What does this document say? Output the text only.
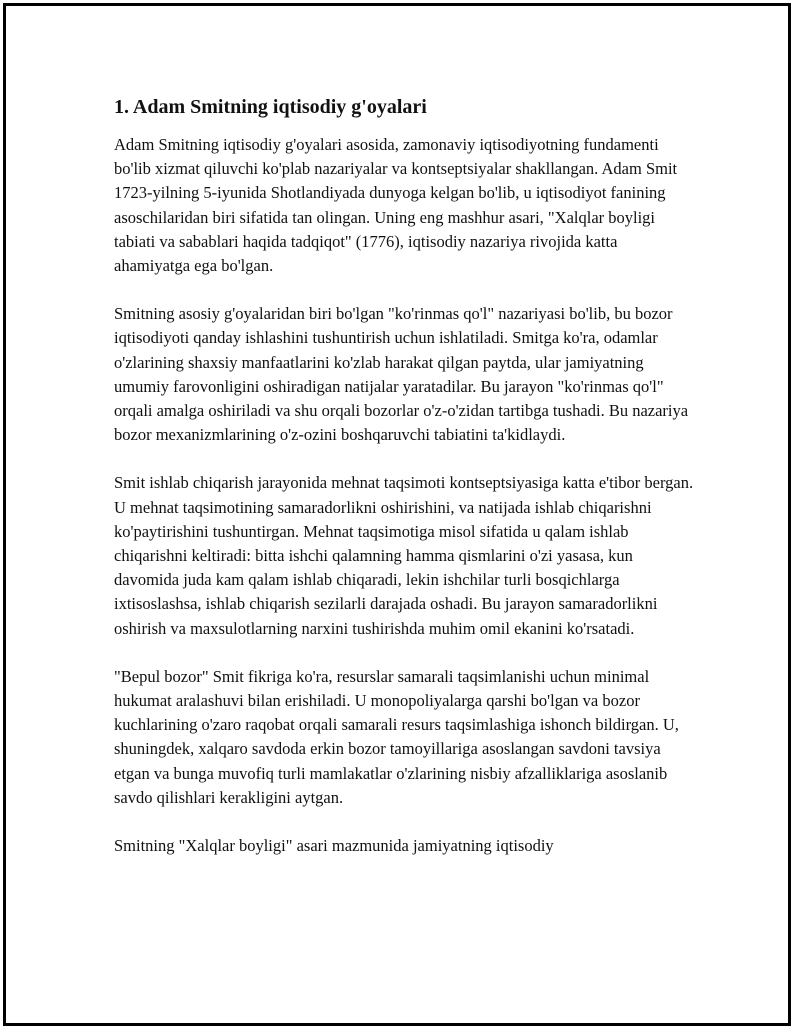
1. Adam Smitning iqtisodiy g'oyalari

Adam Smitning iqtisodiy g'oyalari asosida, zamonaviy iqtisodiyotning fundamenti bo'lib xizmat qiluvchi ko'plab nazariyalar va kontseptsiyalar shakllangan. Adam Smit 1723-yilning 5-iyunida Shotlandiyada dunyoga kelgan bo'lib, u iqtisodiyot fanining asoschilaridan biri sifatida tan olingan. Uning eng mashhur asari, "Xalqlar boyligi tabiati va sabablari haqida tadqiqot" (1776), iqtisodiy nazariya rivojida katta ahamiyatga ega bo'lgan.

Smitning asosiy g'oyalaridan biri bo'lgan "ko'rinmas qo'l" nazariyasi bo'lib, bu bozor iqtisodiyoti qanday ishlashini tushuntirish uchun ishlatiladi. Smitga ko'ra, odamlar o'zlarining shaxsiy manfaatlarini ko'zlab harakat qilgan paytda, ular jamiyatning umumiy farovonligini oshiradigan natijalar yaratadilar. Bu jarayon "ko'rinmas qo'l" orqali amalga oshiriladi va shu orqali bozorlar o'z-o'zidan tartibga tushadi. Bu nazariya bozor mexanizmlarining o'z-ozini boshqaruvchi tabiatini ta'kidlaydi.

Smit ishlab chiqarish jarayonida mehnat taqsimoti kontseptsiyasiga katta e'tibor bergan. U mehnat taqsimotining samaradorlikni oshirishini, va natijada ishlab chiqarishni ko'paytirishini tushuntirgan. Mehnat taqsimotiga misol sifatida u qalam ishlab chiqarishni keltiradi: bitta ishchi qalamning hamma qismlarini o'zi yasasa, kun davomida juda kam qalam ishlab chiqaradi, lekin ishchilar turli bosqichlarga ixtisoslashsa, ishlab chiqarish sezilarli darajada oshadi. Bu jarayon samaradorlikni oshirish va maxsulotlarning narxini tushirishda muhim omil ekanini ko'rsatadi.

"Bepul bozor" Smit fikriga ko'ra, resurslar samarali taqsimlanishi uchun minimal hukumat aralashuvi bilan erishiladi. U monopoliyalarga qarshi bo'lgan va bozor kuchlarining o'zaro raqobat orqali samarali resurs taqsimlashiga ishonch bildirgan. U, shuningdek, xalqaro savdoda erkin bozor tamoyillariga asoslangan savdoni tavsiya etgan va bunga muvofiq turli mamlakatlar o'zlarining nisbiy afzalliklariga asoslanib savdo qilishlari kerakligini aytgan.

Smitning "Xalqlar boyligi" asari mazmunida jamiyatning iqtisodiy
